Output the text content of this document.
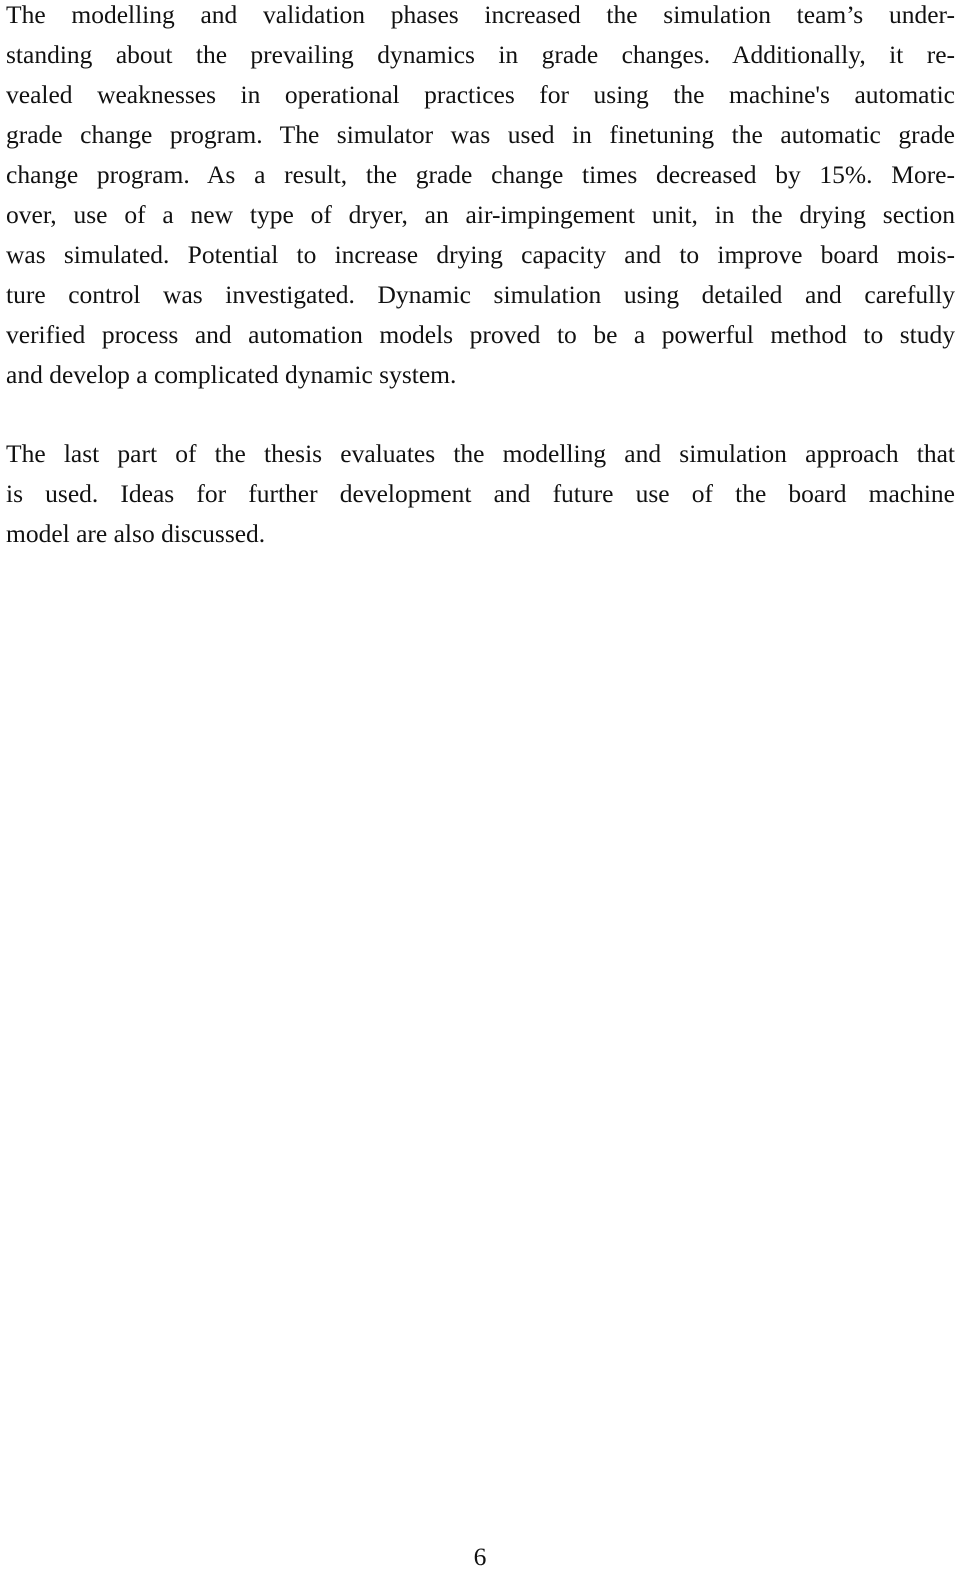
The modelling and validation phases increased the simulation team’s under-
standing about the prevailing dynamics in grade changes. Additionally, it re-
vealed weaknesses in operational practices for using the machine's automatic
grade change program. The simulator was used in finetuning the automatic grade
change program. As a result, the grade change times decreased by 15%. More-
over, use of a new type of dryer, an air-impingement unit, in the drying section
was simulated. Potential to increase drying capacity and to improve board mois-
ture control was investigated. Dynamic simulation using detailed and carefully
verified process and automation models proved to be a powerful method to study
and develop a complicated dynamic system.
The last part of the thesis evaluates the modelling and simulation approach that
is used. Ideas for further development and future use of the board machine
model are also discussed.
6
